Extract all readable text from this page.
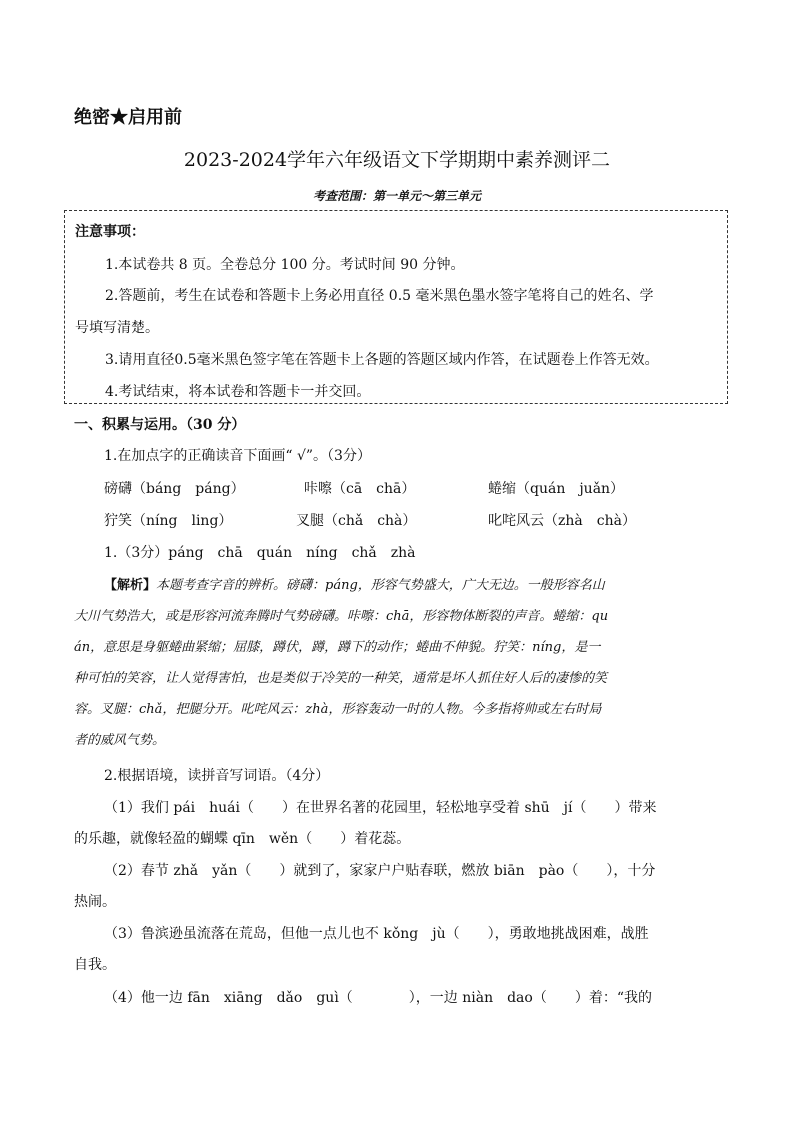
绝密★启用前
2023-2024学年六年级语文下学期期中素养测评二
考查范围：第一单元～第三单元
注意事项：
1.本试卷共 8 页。全卷总分 100 分。考试时间 90 分钟。
2.答题前，考生在试卷和答题卡上务必用直径 0.5 毫米黑色墨水签字笔将自己的姓名、学
号填写清楚。
3.请用直径0.5毫米黑色签字笔在答题卡上各题的答题区域内作答，在试题卷上作答无效。
4.考试结束，将本试卷和答题卡一并交回。
一、积累与运用。（30 分）
1.在加点字的正确读音下面画“ √”。（3分）
磅礴（báng　páng）	咔嚓（cā　chā）	蜷缩（quán　juǎn）
狞笑（níng　ling）	叉腿（chǎ　chà）	叱咤风云（zhà　chà）
1.（3分）páng　chā　quán　níng　chǎ　zhà
【解析】本题考查字音的辨析。磅礴：páng，形容气势盛大，广大无边。一般形容名山
大川气势浩大，或是形容河流奔腾时气势磅礴。咔嚓：chā，形容物体断裂的声音。蜷缩：qu
án，意思是身躯蜷曲紧缩；屈膝，蹲伏，蹲，蹲下的动作；蜷曲不伸貌。狞笑：níng，是一
种可怕的笑容，让人觉得害怕，也是类似于冷笑的一种笑，通常是坏人抓住好人后的凄惨的笑
容。叉腿：chǎ，把腿分开。叱咤风云：zhà，形容轰动一时的人物。今多指将帅或左右时局
者的威风气势。
2.根据语境，读拼音写词语。（4分）
（1）我们 pái　huái（　　）在世界名著的花园里，轻松地享受着 shū　jí（　　）带来
的乐趣，就像轻盈的蝴蝶 qīn　wěn（　　）着花蕊。
（2）春节 zhǎ　yǎn（　　）就到了，家家户户贴春联，燃放 biān　pào（　　），十分
热闹。
（3）鲁滨逊虽流落在荒岛，但他一点儿也不 kǒng　jù（　　），勇敢地挑战困难，战胜
自我。
（4）他一边 fān　xiāng　dǎo　guì（　　　　），一边 niàn　dao（　　）着：“我的
